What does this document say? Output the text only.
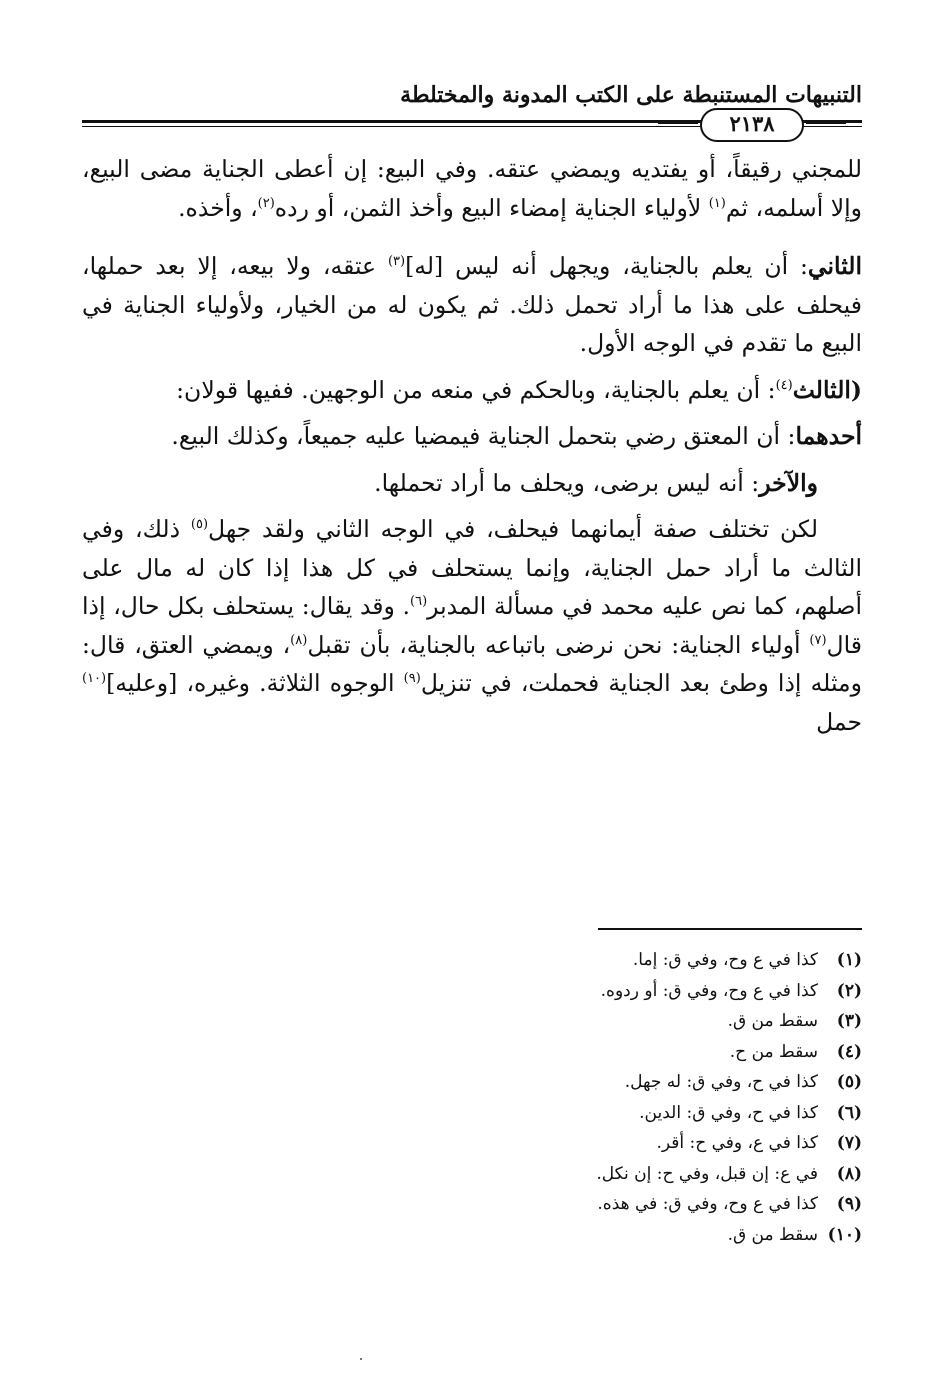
التنبيهات المستنبطة على الكتب المدونة والمختلطة
٢١٣٨

للمجني رقيقاً، أو يفتديه ويمضي عتقه. وفي البيع: إن أعطى الجناية مضى البيع، وإلا أسلمه، ثم$^{(١)}$ لأولياء الجناية إمضاء البيع وأخذ الثمن، أو رده$^{(٢)}$، وأخذه.

الثاني: أن يعلم بالجناية، ويجهل أنه ليس [له]$^{(٣)}$ عتقه، ولا بيعه، إلا بعد حملها، فيحلف على هذا ما أراد تحمل ذلك. ثم يكون له من الخيار، ولأولياء الجناية في البيع ما تقدم في الوجه الأول.

(الثالث$^{(٤)}$: أن يعلم بالجناية، وبالحكم في منعه من الوجهين. ففيها قولان:

أحدهما: أن المعتق رضي بتحمل الجناية فيمضيا عليه جميعاً، وكذلك البيع.

والآخر: أنه ليس برضى، ويحلف ما أراد تحملها.

لكن تختلف صفة أيمانهما فيحلف، في الوجه الثاني ولقد جهل$^{(٥)}$ ذلك، وفي الثالث ما أراد حمل الجناية، وإنما يستحلف في كل هذا إذا كان له مال على أصلهم، كما نص عليه محمد في مسألة المدبر$^{(٦)}$. وقد يقال: يستحلف بكل حال، إذا قال$^{(٧)}$ أولياء الجناية: نحن نرضى باتباعه بالجناية، بأن تقبل$^{(٨)}$، ويمضي العتق، قال: ومثله إذا وطئ بعد الجناية فحملت، في تنزيل$^{(٩)}$ الوجوه الثلاثة. وغيره، [وعليه]$^{(١٠)}$ حمل

(١)كذا في ع وح، وفي ق: إما.
(٢)كذا في ع وح، وفي ق: أو ردوه.
(٣)سقط من ق.
(٤)سقط من ح.
(٥)كذا في ح، وفي ق: له جهل.
(٦)كذا في ح، وفي ق: الدين.
(٧)كذا في ع، وفي ح: أقر.
(٨)في ع: إن قبل، وفي ح: إن نكل.
(٩)كذا في ع وح، وفي ق: في هذه.
(١٠)سقط من ق.
